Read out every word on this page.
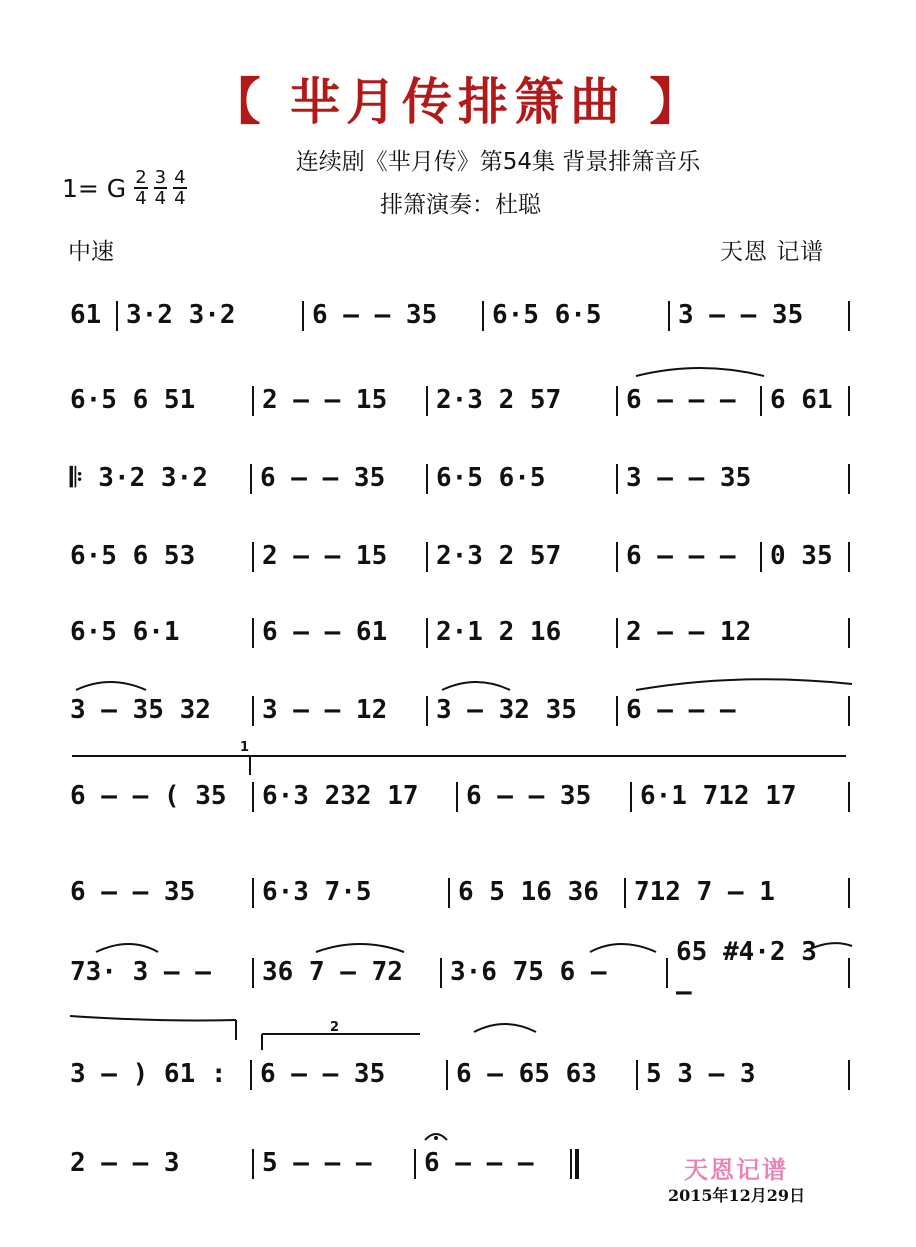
【 芈月传排箫曲 】
连续剧《芈月传》第54集 背景排箫音乐
1= G $\frac{2}{4} \frac{3}{4} \frac{4}{4}$	排箫演奏：杜聪
中速	天恩 记谱
61 3·2 3·2	6 – – 35 6·5 6·5	3 – – 35
6·5 6 51	2 – – 15 2·3 2 57 6 – – – 6 61
𝄆 3·2 3·2 6 – – 35 6·5 6·5	3 – – 35
6·5 6 53	2 – – 15 2·3 2 57 6 – – – 0 35
6·5 6·1	6 – – 61 2·1 2 16 2 – – 12
3 – 35 32 3 – – 12 3 – 32 35 6 – – –
6 – – ( 35 6·3 232 17 6 – – 35 6·1 712 17
6 – – 35	6·3 7·5	6 5 16 36 712 7 – 1
73· 3 – – 36 7 – 72 3·6 75 6 –
65 #4·2 3 –
3 – ) 61 : 6 – – 35	6 – 65 63 5 3 – 3
2 – – 3	5 – – – 6 – – –
1
2
天恩记谱
2015年12月29日
